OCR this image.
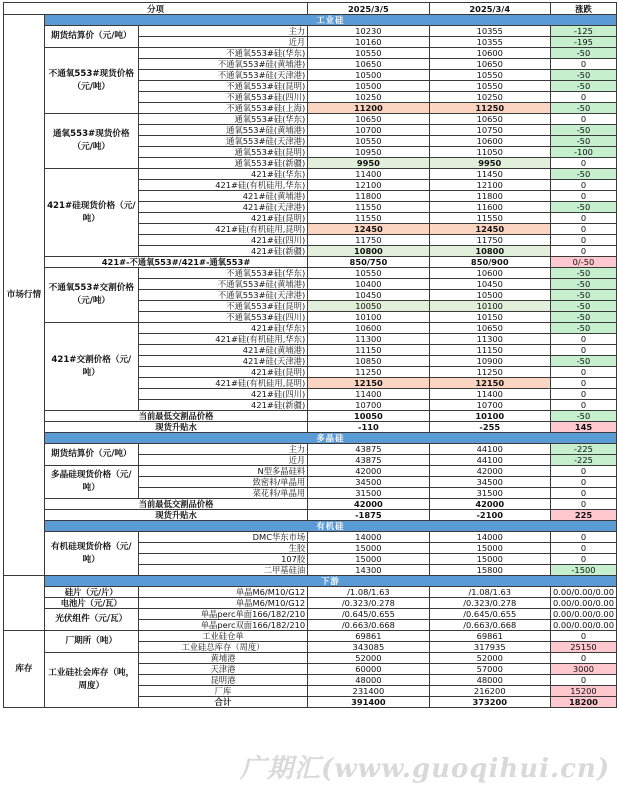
分项			2025/3/5	2025/3/4	涨跌
市场行情	工业硅				
	期货结算价（元/吨）	主力	10230	10355	-125
		近月	10160	10355	-195
	不通氧553#现货价格（元/吨）	不通氧553#硅(华东)	10550	10600	-50
		不通氧553#硅(黄埔港)	10650	10650	0
		不通氧553#硅(天津港)	10500	10550	-50
		不通氧553#硅(昆明)	10500	10550	-50
		不通氧553#硅(四川)	10250	10250	0
		不通氧553#硅(上海)	11200	11250	-50
	通氧553#现货价格（元/吨）	通氧553#硅(华东)	10650	10650	0
		通氧553#硅(黄埔港)	10700	10750	-50
		通氧553#硅(天津港)	10550	10600	-50
		通氧553#硅(昆明)	10950	11050	-100
		通氧553#硅(新疆)	9950	9950	0
	421#硅现货价格（元/吨）	421#硅(华东)	11400	11450	-50
		421#硅(有机硅用,华东)	12100	12100	0
		421#硅(黄埔港)	11800	11800	0
		421#硅(天津港)	11550	11600	-50
		421#硅(昆明)	11550	11550	0
		421#硅(有机硅用,昆明)	12450	12450	0
		421#硅(四川)	11750	11750	0
		421#硅(新疆)	10800	10800	0
	421#-不通氧553#/421#-通氧553#		850/750	850/900	0/-50
	不通氧553#交割价格（元/吨）	不通氧553#硅(华东)	10550	10600	-50
		不通氧553#硅(黄埔港)	10400	10450	-50
		不通氧553#硅(天津港)	10450	10500	-50
		不通氧553#硅(昆明)	10050	10100	-50
		不通氧553#硅(四川)	10100	10150	-50
	421#交割价格（元/吨）	421#硅(华东)	10600	10650	-50
		421#硅(有机硅用,华东)	11300	11300	0
		421#硅(黄埔港)	11150	11150	0
		421#硅(天津港)	10850	10900	-50
		421#硅(昆明)	11250	11250	0
		421#硅(有机硅用,昆明)	12150	12150	0
		421#硅(四川)	11400	11400	0
		421#硅(新疆)	10700	10700	0
	当前最低交割品价格		10050	10100	-50
	现货升贴水		-110	-255	145
	多晶硅				
	期货结算价（元/吨）	主力	43875	44100	-225
		近月	43875	44100	-225
	多晶硅现货价格（元/吨）	N型多晶硅料	42000	42000	0
		致密料/单晶用	34500	34500	0
		菜花料/单晶用	31500	31500	0
	当前最低交割品价格		42000	42000	0
	现货升贴水		-1875	-2100	225
	有机硅				
	有机硅现货价格（元/吨）	DMC华东市场	14000	14000	0
		生胶	15000	15000	0
		107胶	15000	15000	0
		二甲基硅油	14300	15800	-1500
	下游				
	硅片（元/片）	单晶M6/M10/G12	/1.08/1.63	/1.08/1.63	0.00/0.00/0.00
	电池片（元/瓦）	单晶M6/M10/G12	/0.323/0.278	/0.323/0.278	0.00/0.00/0.00
	光伏组件（元/瓦）	单晶perc单面166/182/210	/0.645/0.655	/0.645/0.655	0.00/0.00/0.00
		单晶perc双面166/182/210	/0.663/0.668	/0.663/0.668	0.00/0.00/0.00
库存	厂期所（吨）	工业硅仓单	69861	69861	0
		工业硅总库存（周度）	343085	317935	25150
	工业硅社会库存（吨，周度）	黄埔港	52000	52000	0
		天津港	60000	57000	3000
		昆明港	48000	48000	0
		厂库	231400	216200	15200
		合计	391400	373200	18200
广期汇(www.guoqihui.cn)
